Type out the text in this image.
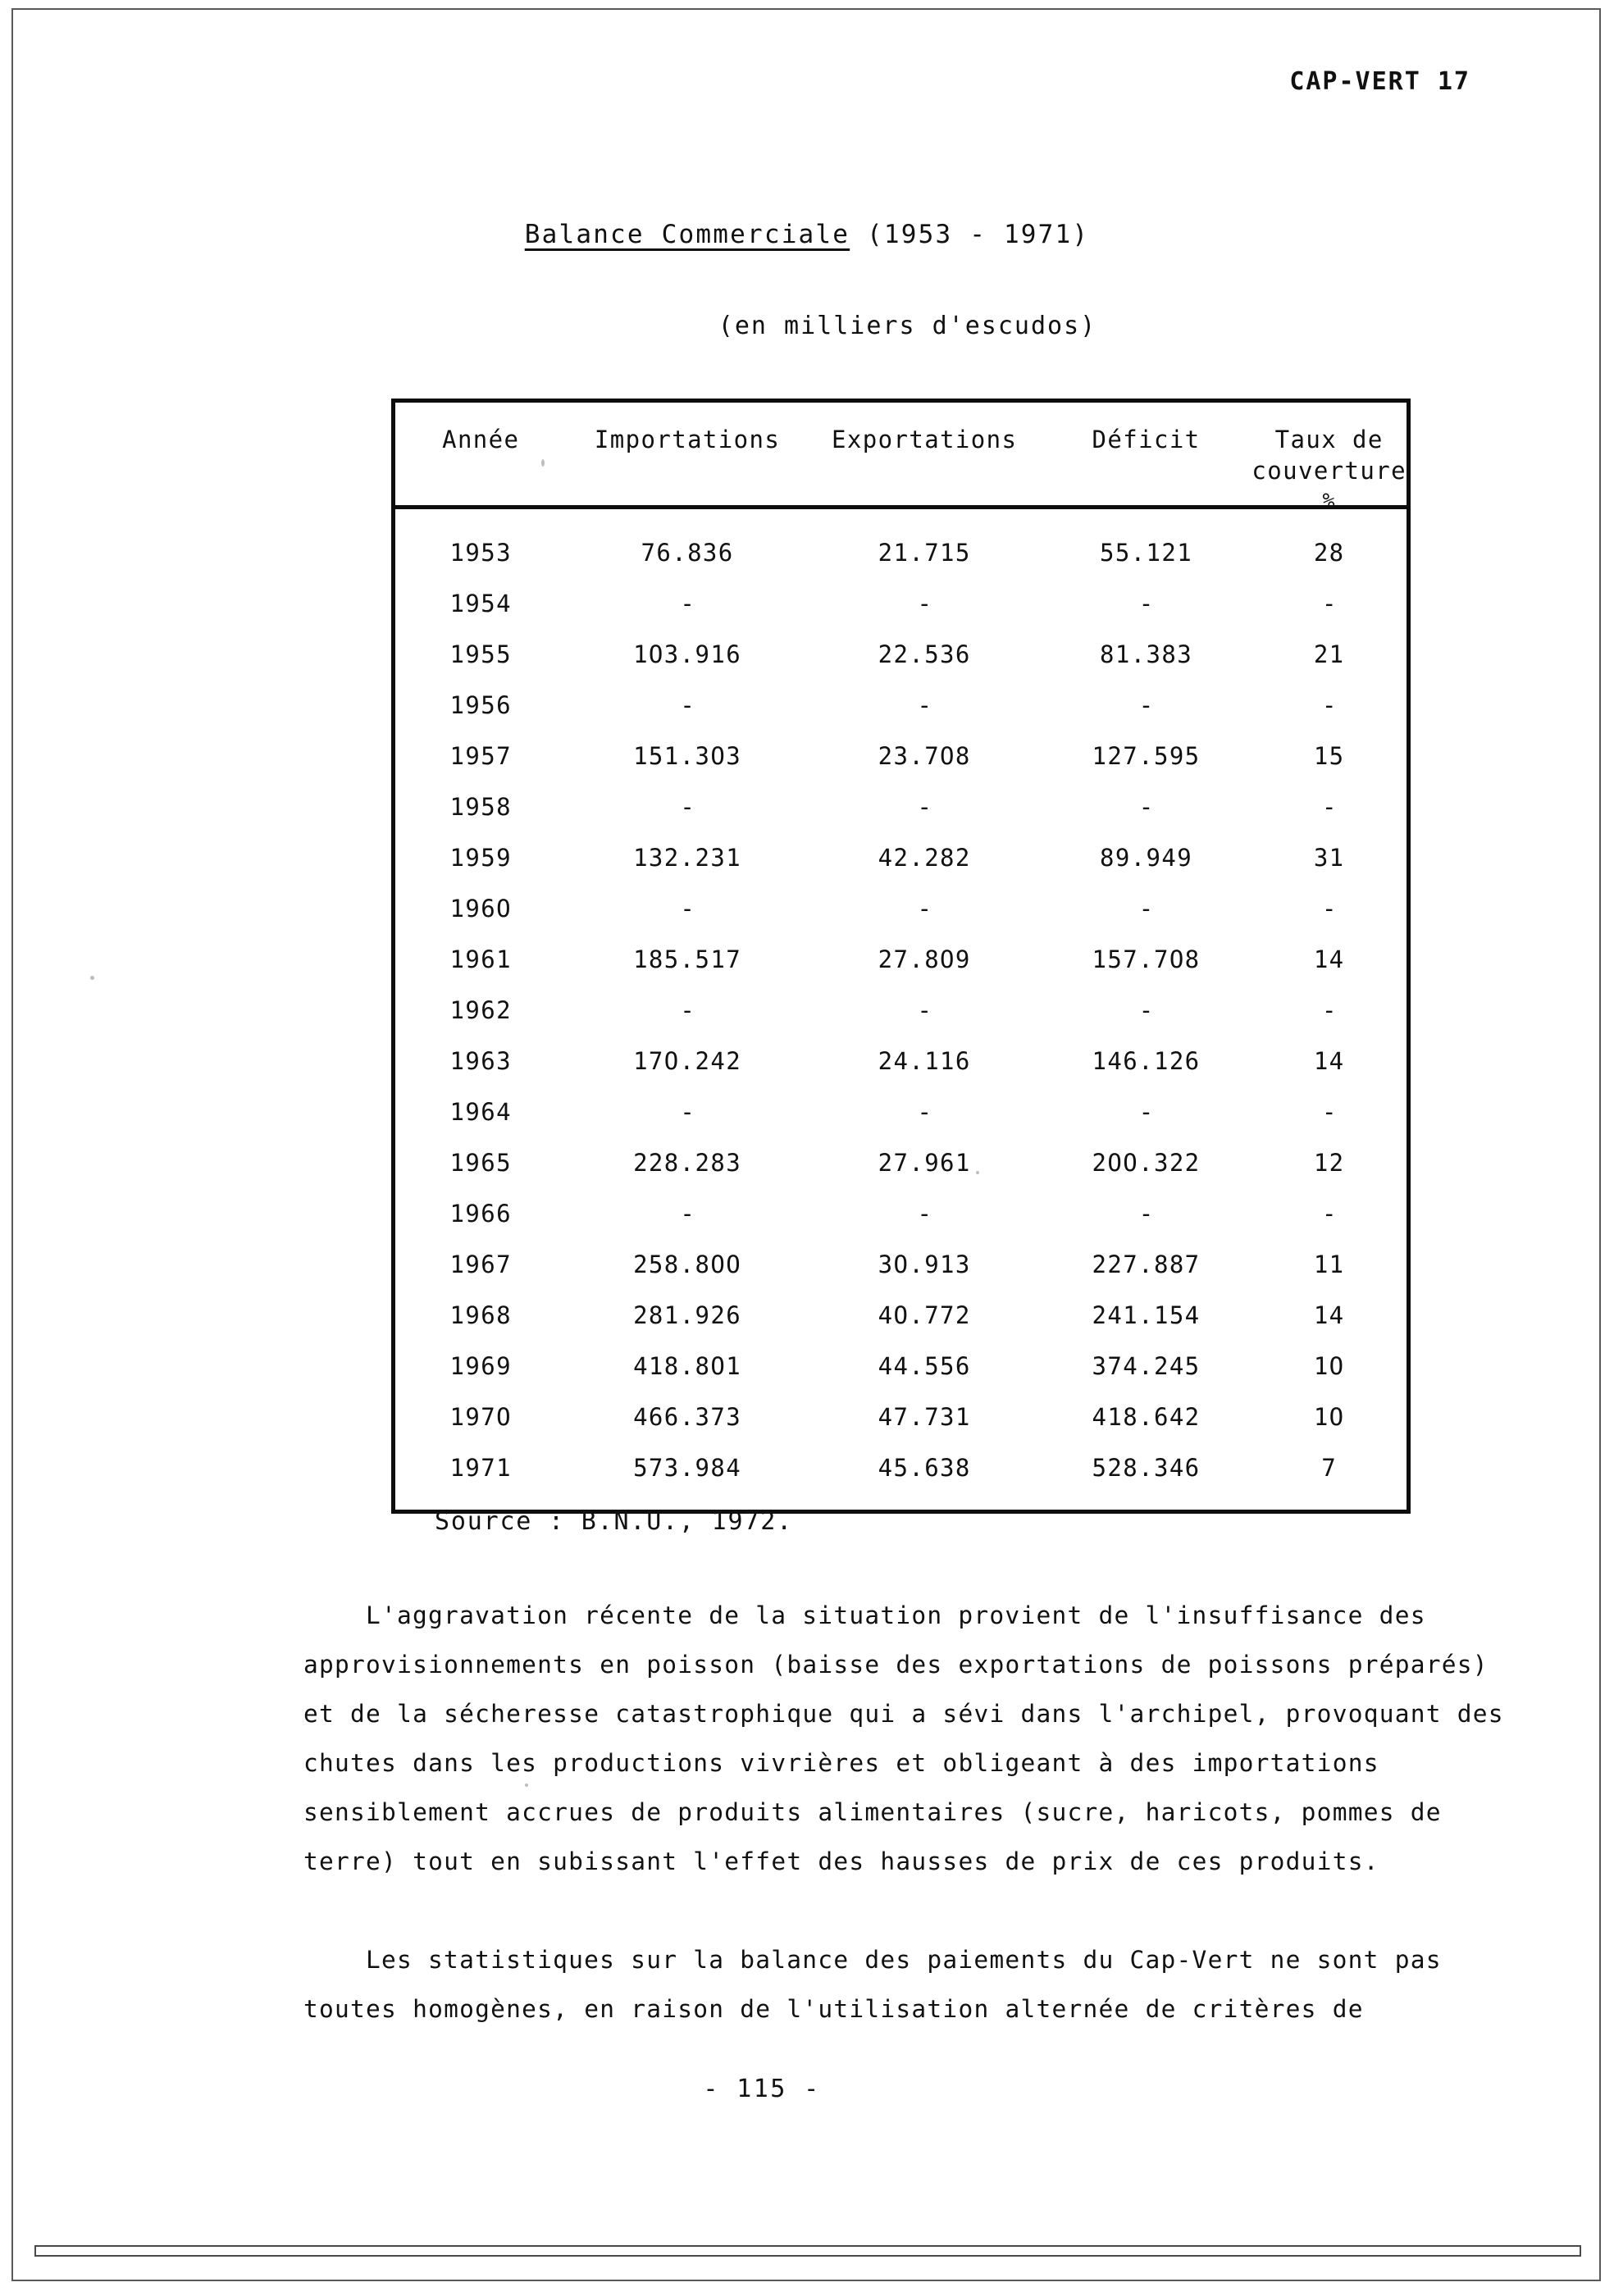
CAP-VERT 17
Balance Commerciale (1953 - 1971)
(en milliers d'escudos)
Année	Importations	Exportations	Déficit	Taux de
couverture
%

1953	76.836	21.715	55.121	28
1954	-	-	-	-
1955	1O3.916	22.536	81.383	21
1956	-	-	-	-
1957	151.3O3	23.7O8	127.595	15
1958	-	-	-	-
1959	132.231	42.282	89.949	31
196O	-	-	-	-
1961	185.517	27.8O9	157.7O8	14
1962	-	-	-	-
1963	17O.242	24.116	146.126	14
1964	-	-	-	-
1965	228.283	27.961	2OO.322	12
1966	-	-	-	-
1967	258.8OO	3O.913	227.887	11
1968	281.926	4O.772	241.154	14
1969	418.8O1	44.556	374.245	1O
197O	466.373	47.731	418.642	1O
1971	573.984	45.638	528.346	7
Source : B.N.U., 1972.

L'aggravation récente de la situation provient de l'insuffisance des approvisionnements en poisson (baisse des exportations de poissons préparés) et de la sécheresse catastrophique qui a sévi dans l'archipel, provoquant des chutes dans les productions vivrières et obligeant à des importations sensiblement accrues de produits alimentaires (sucre, haricots, pommes de terre) tout en subissant l'effet des hausses de prix de ces produits.

Les statistiques sur la balance des paiements du Cap-Vert ne sont pas toutes homogènes, en raison de l'utilisation alternée de critères de

- 115 -
